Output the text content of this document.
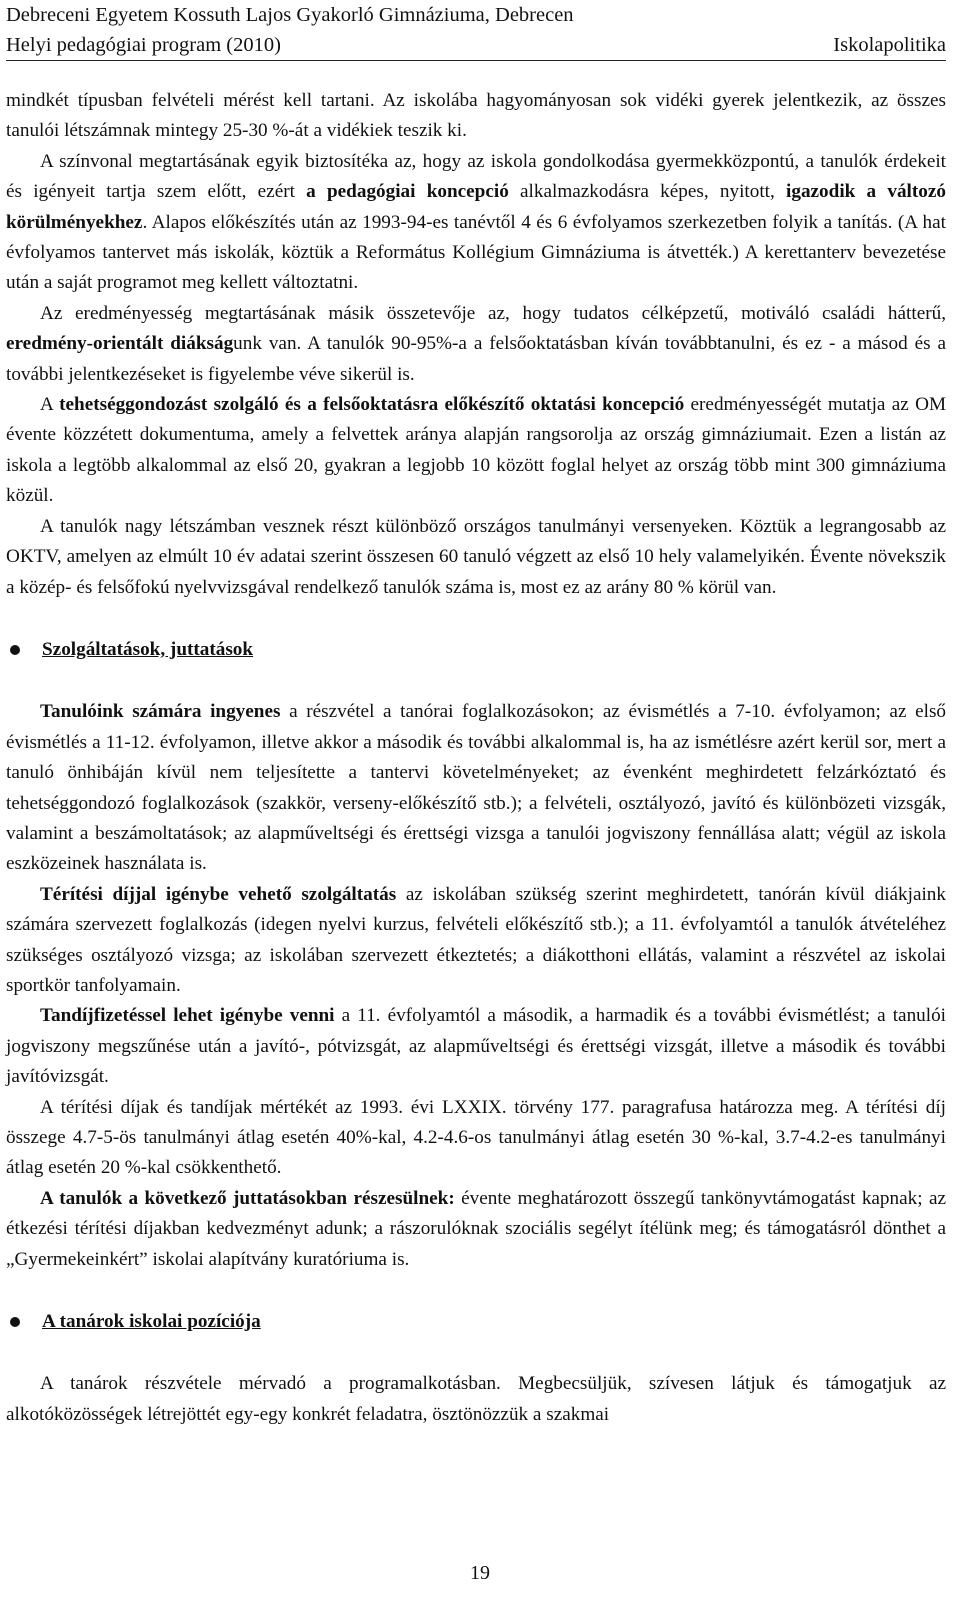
Debreceni Egyetem Kossuth Lajos Gyakorló Gimnáziuma, Debrecen
Helyi pedagógiai program (2010)	Iskolapolitika

mindkét típusban felvételi mérést kell tartani. Az iskolába hagyományosan sok vidéki gyerek jelentkezik, az összes tanulói létszámnak mintegy 25-30 %-át a vidékiek teszik ki.

A színvonal megtartásának egyik biztosítéka az, hogy az iskola gondolkodása gyermekközpontú, a tanulók érdekeit és igényeit tartja szem előtt, ezért a pedagógiai koncepció alkalmazkodásra képes, nyitott, igazodik a változó körülményekhez. Alapos előkészítés után az 1993-94-es tanévtől 4 és 6 évfolyamos szerkezetben folyik a tanítás. (A hat évfolyamos tantervet más iskolák, köztük a Református Kollégium Gimnáziuma is átvették.) A kerettanterv bevezetése után a saját programot meg kellett változtatni.

Az eredményesség megtartásának másik összetevője az, hogy tudatos célképzetű, motiváló családi hátterű, eredmény-orientált diákságunk van. A tanulók 90-95%-a a felsőoktatásban kíván továbbtanulni, és ez - a másod és a további jelentkezéseket is figyelembe véve sikerül is.

A tehetséggondozást szolgáló és a felsőoktatásra előkészítő oktatási koncepció eredményességét mutatja az OM évente közzétett dokumentuma, amely a felvettek aránya alapján rangsorolja az ország gimnáziumait. Ezen a listán az iskola a legtöbb alkalommal az első 20, gyakran a legjobb 10 között foglal helyet az ország több mint 300 gimnáziuma közül.

A tanulók nagy létszámban vesznek részt különböző országos tanulmányi versenyeken. Köztük a legrangosabb az OKTV, amelyen az elmúlt 10 év adatai szerint összesen 60 tanuló végzett az első 10 hely valamelyikén. Évente növekszik a közép- és felsőfokú nyelvvizsgával rendelkező tanulók száma is, most ez az arány 80 % körül van.

Szolgáltatások, juttatások

Tanulóink számára ingyenes a részvétel a tanórai foglalkozásokon; az évismétlés a 7-10. évfolyamon; az első évismétlés a 11-12. évfolyamon, illetve akkor a második és további alkalommal is, ha az ismétlésre azért kerül sor, mert a tanuló önhibáján kívül nem teljesítette a tantervi követelményeket; az évenként meghirdetett felzárkóztató és tehetséggondozó foglalkozások (szakkör, verseny-előkészítő stb.); a felvételi, osztályozó, javító és különbözeti vizsgák, valamint a beszámoltatások; az alapműveltségi és érettségi vizsga a tanulói jogviszony fennállása alatt; végül az iskola eszközeinek használata is.

Térítési díjjal igénybe vehető szolgáltatás az iskolában szükség szerint meghirdetett, tanórán kívül diákjaink számára szervezett foglalkozás (idegen nyelvi kurzus, felvételi előkészítő stb.); a 11. évfolyamtól a tanulók átvételéhez szükséges osztályozó vizsga; az iskolában szervezett étkeztetés; a diákotthoni ellátás, valamint a részvétel az iskolai sportkör tanfolyamain.

Tandíjfizetéssel lehet igénybe venni a 11. évfolyamtól a második, a harmadik és a további évismétlést; a tanulói jogviszony megszűnése után a javító-, pótvizsgát, az alapműveltségi és érettségi vizsgát, illetve a második és további javítóvizsgát.

A térítési díjak és tandíjak mértékét az 1993. évi LXXIX. törvény 177. paragrafusa határozza meg. A térítési díj összege 4.7-5-ös tanulmányi átlag esetén 40%-kal, 4.2-4.6-os tanulmányi átlag esetén 30 %-kal, 3.7-4.2-es tanulmányi átlag esetén 20 %-kal csökkenthető.

A tanulók a következő juttatásokban részesülnek: évente meghatározott összegű tankönyvtámogatást kapnak; az étkezési térítési díjakban kedvezményt adunk; a rászorulóknak szociális segélyt ítélünk meg; és támogatásról dönthet a „Gyermekeinkért” iskolai alapítvány kuratóriuma is.

A tanárok iskolai pozíciója

A tanárok részvétele mérvadó a programalkotásban. Megbecsüljük, szívesen látjuk és támogatjuk az alkotóközösségek létrejöttét egy-egy konkrét feladatra, ösztönözzük a szakmai

19
